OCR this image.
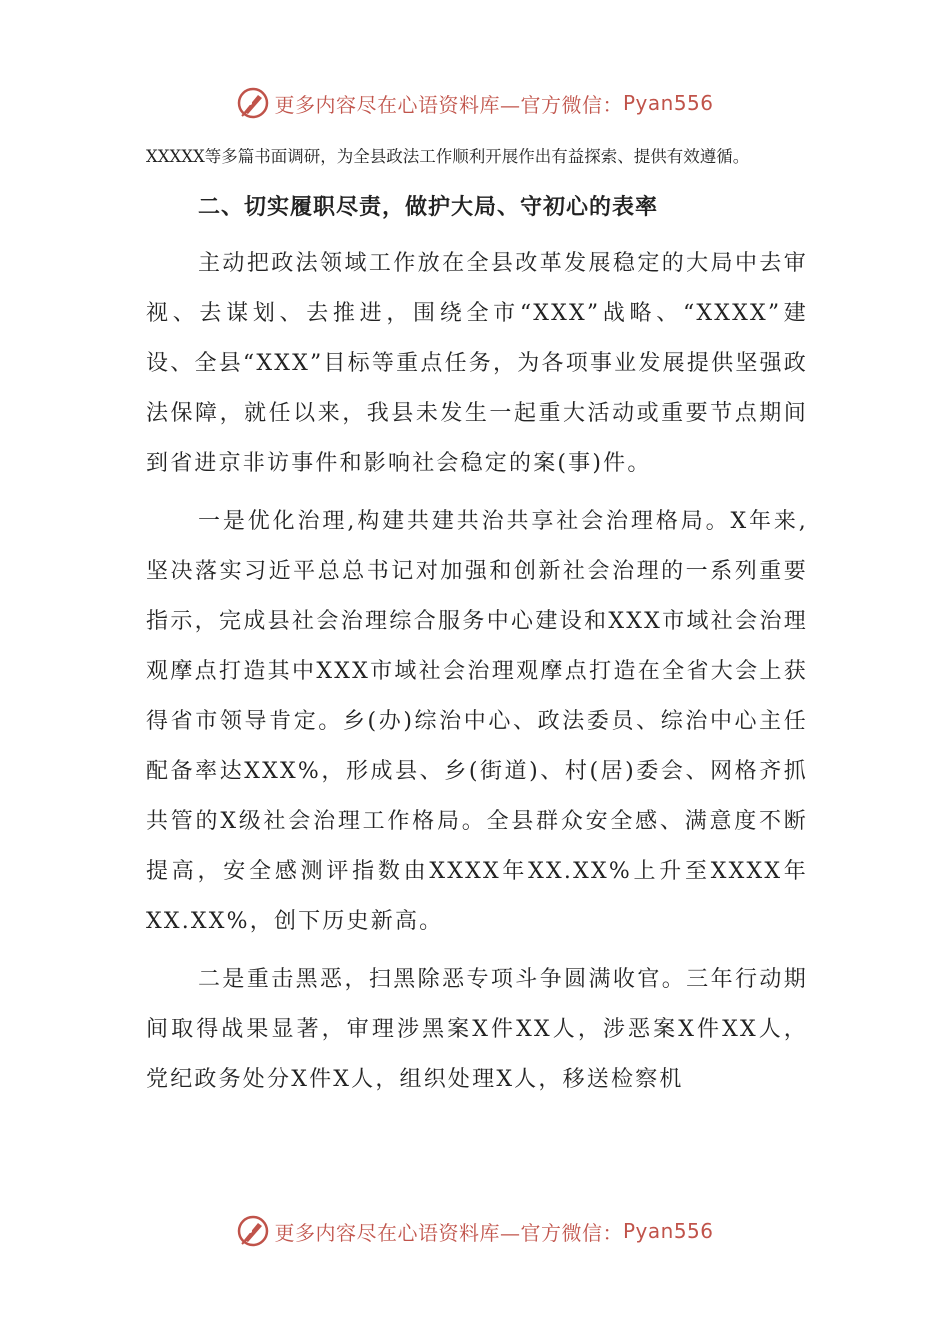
更多内容尽在心语资料库—官方微信： Pyan556

XXXXX等多篇书面调研，为全县政法工作顺利开展作出有益探索、提供有效遵循。

二、切实履职尽责，做护大局、守初心的表率

主动把政法领域工作放在全县改革发展稳定的大局中去审视、去谋划、去推进，围绕全市“XXX”战略、“XXXX”建设、全县“XXX”目标等重点任务，为各项事业发展提供坚强政法保障，就任以来，我县未发生一起重大活动或重要节点期间到省进京非访事件和影响社会稳定的案(事)件。

一是优化治理,构建共建共治共享社会治理格局。X年来,坚决落实习近平总总书记对加强和创新社会治理的一系列重要指示，完成县社会治理综合服务中心建设和XXX市域社会治理观摩点打造其中XXX市域社会治理观摩点打造在全省大会上获得省市领导肯定。乡(办)综治中心、政法委员、综治中心主任配备率达XXX%，形成县、乡(街道)、村(居)委会、网格齐抓共管的X级社会治理工作格局。全县群众安全感、满意度不断提高，安全感测评指数由XXXX年XX.XX%上升至XXXX年XX.XX%，创下历史新高。

二是重击黑恶，扫黑除恶专项斗争圆满收官。三年行动期间取得战果显著，审理涉黑案X件XX人，涉恶案X件XX人，党纪政务处分X件X人，组织处理X人，移送检察机

更多内容尽在心语资料库—官方微信： Pyan556
